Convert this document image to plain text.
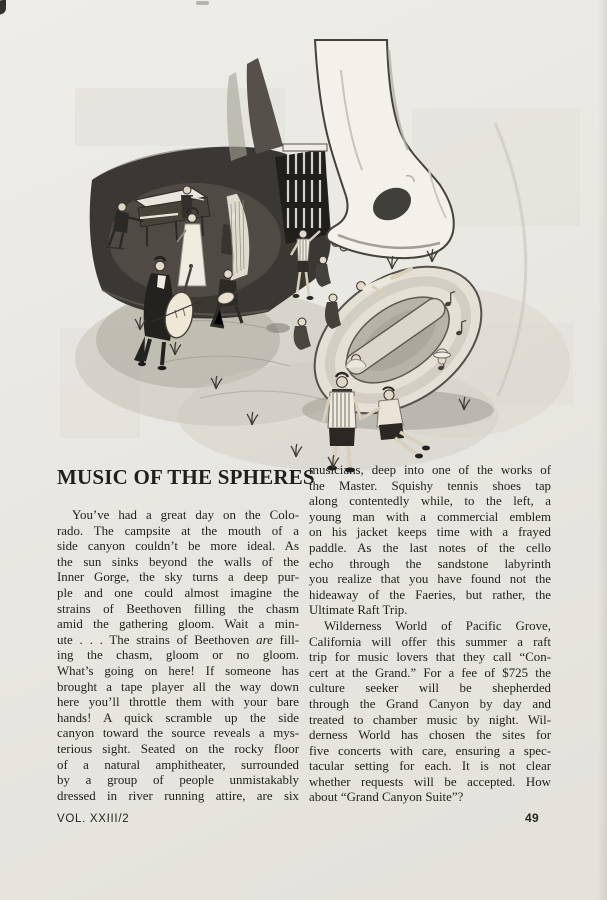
MUSIC OF THE SPHERES
You’ve had a great day on the Colo-
rado. The campsite at the mouth of a
side canyon couldn’t be more ideal. As
the sun sinks beyond the walls of the
Inner Gorge, the sky turns a deep pur-
ple and one could almost imagine the
strains of Beethoven filling the chasm
amid the gathering gloom. Wait a min-
ute . . . The strains of Beethoven are fill-
ing the chasm, gloom or no gloom.
What’s going on here! If someone has
brought a tape player all the way down
here you’ll throttle them with your bare
hands! A quick scramble up the side
canyon toward the source reveals a mys-
terious sight. Seated on the rocky floor
of a natural amphitheater, surrounded
by a group of people unmistakably
dressed in river running attire, are six
musicians, deep into one of the works of
the Master. Squishy tennis shoes tap
along contentedly while, to the left, a
young man with a commercial emblem
on his jacket keeps time with a frayed
paddle. As the last notes of the cello
echo through the sandstone labyrinth
you realize that you have found not the
hideaway of the Faeries, but rather, the
Ultimate Raft Trip.
Wilderness World of Pacific Grove,
California will offer this summer a raft
trip for music lovers that they call “Con-
cert at the Grand.” For a fee of $725 the
culture seeker will be shepherded
through the Grand Canyon by day and
treated to chamber music by night. Wil-
derness World has chosen the sites for
five concerts with care, ensuring a spec-
tacular setting for each. It is not clear
whether requests will be accepted. How
about “Grand Canyon Suite”?
VOL. XXIII/2	49
